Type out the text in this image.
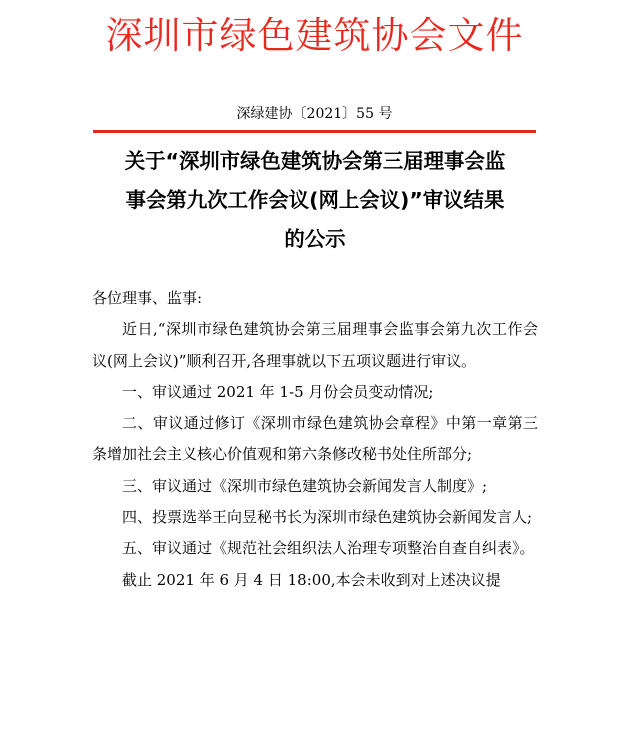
深圳市绿色建筑协会文件
深绿建协〔2021〕55 号
关于“深圳市绿色建筑协会第三届理事会监
事会第九次工作会议(网上会议)”审议结果
的公示

各位理事、监事:

近日,“深圳市绿色建筑协会第三届理事会监事会第九次工作会议(网上会议)”顺利召开,各理事就以下五项议题进行审议。

一、审议通过 2021 年 1-5 月份会员变动情况;

二、审议通过修订《深圳市绿色建筑协会章程》中第一章第三条增加社会主义核心价值观和第六条修改秘书处住所部分;

三、审议通过《深圳市绿色建筑协会新闻发言人制度》;

四、投票选举王向昱秘书长为深圳市绿色建筑协会新闻发言人;

五、审议通过《规范社会组织法人治理专项整治自查自纠表》。

截止 2021 年 6 月 4 日 18:00,本会未收到对上述决议提
